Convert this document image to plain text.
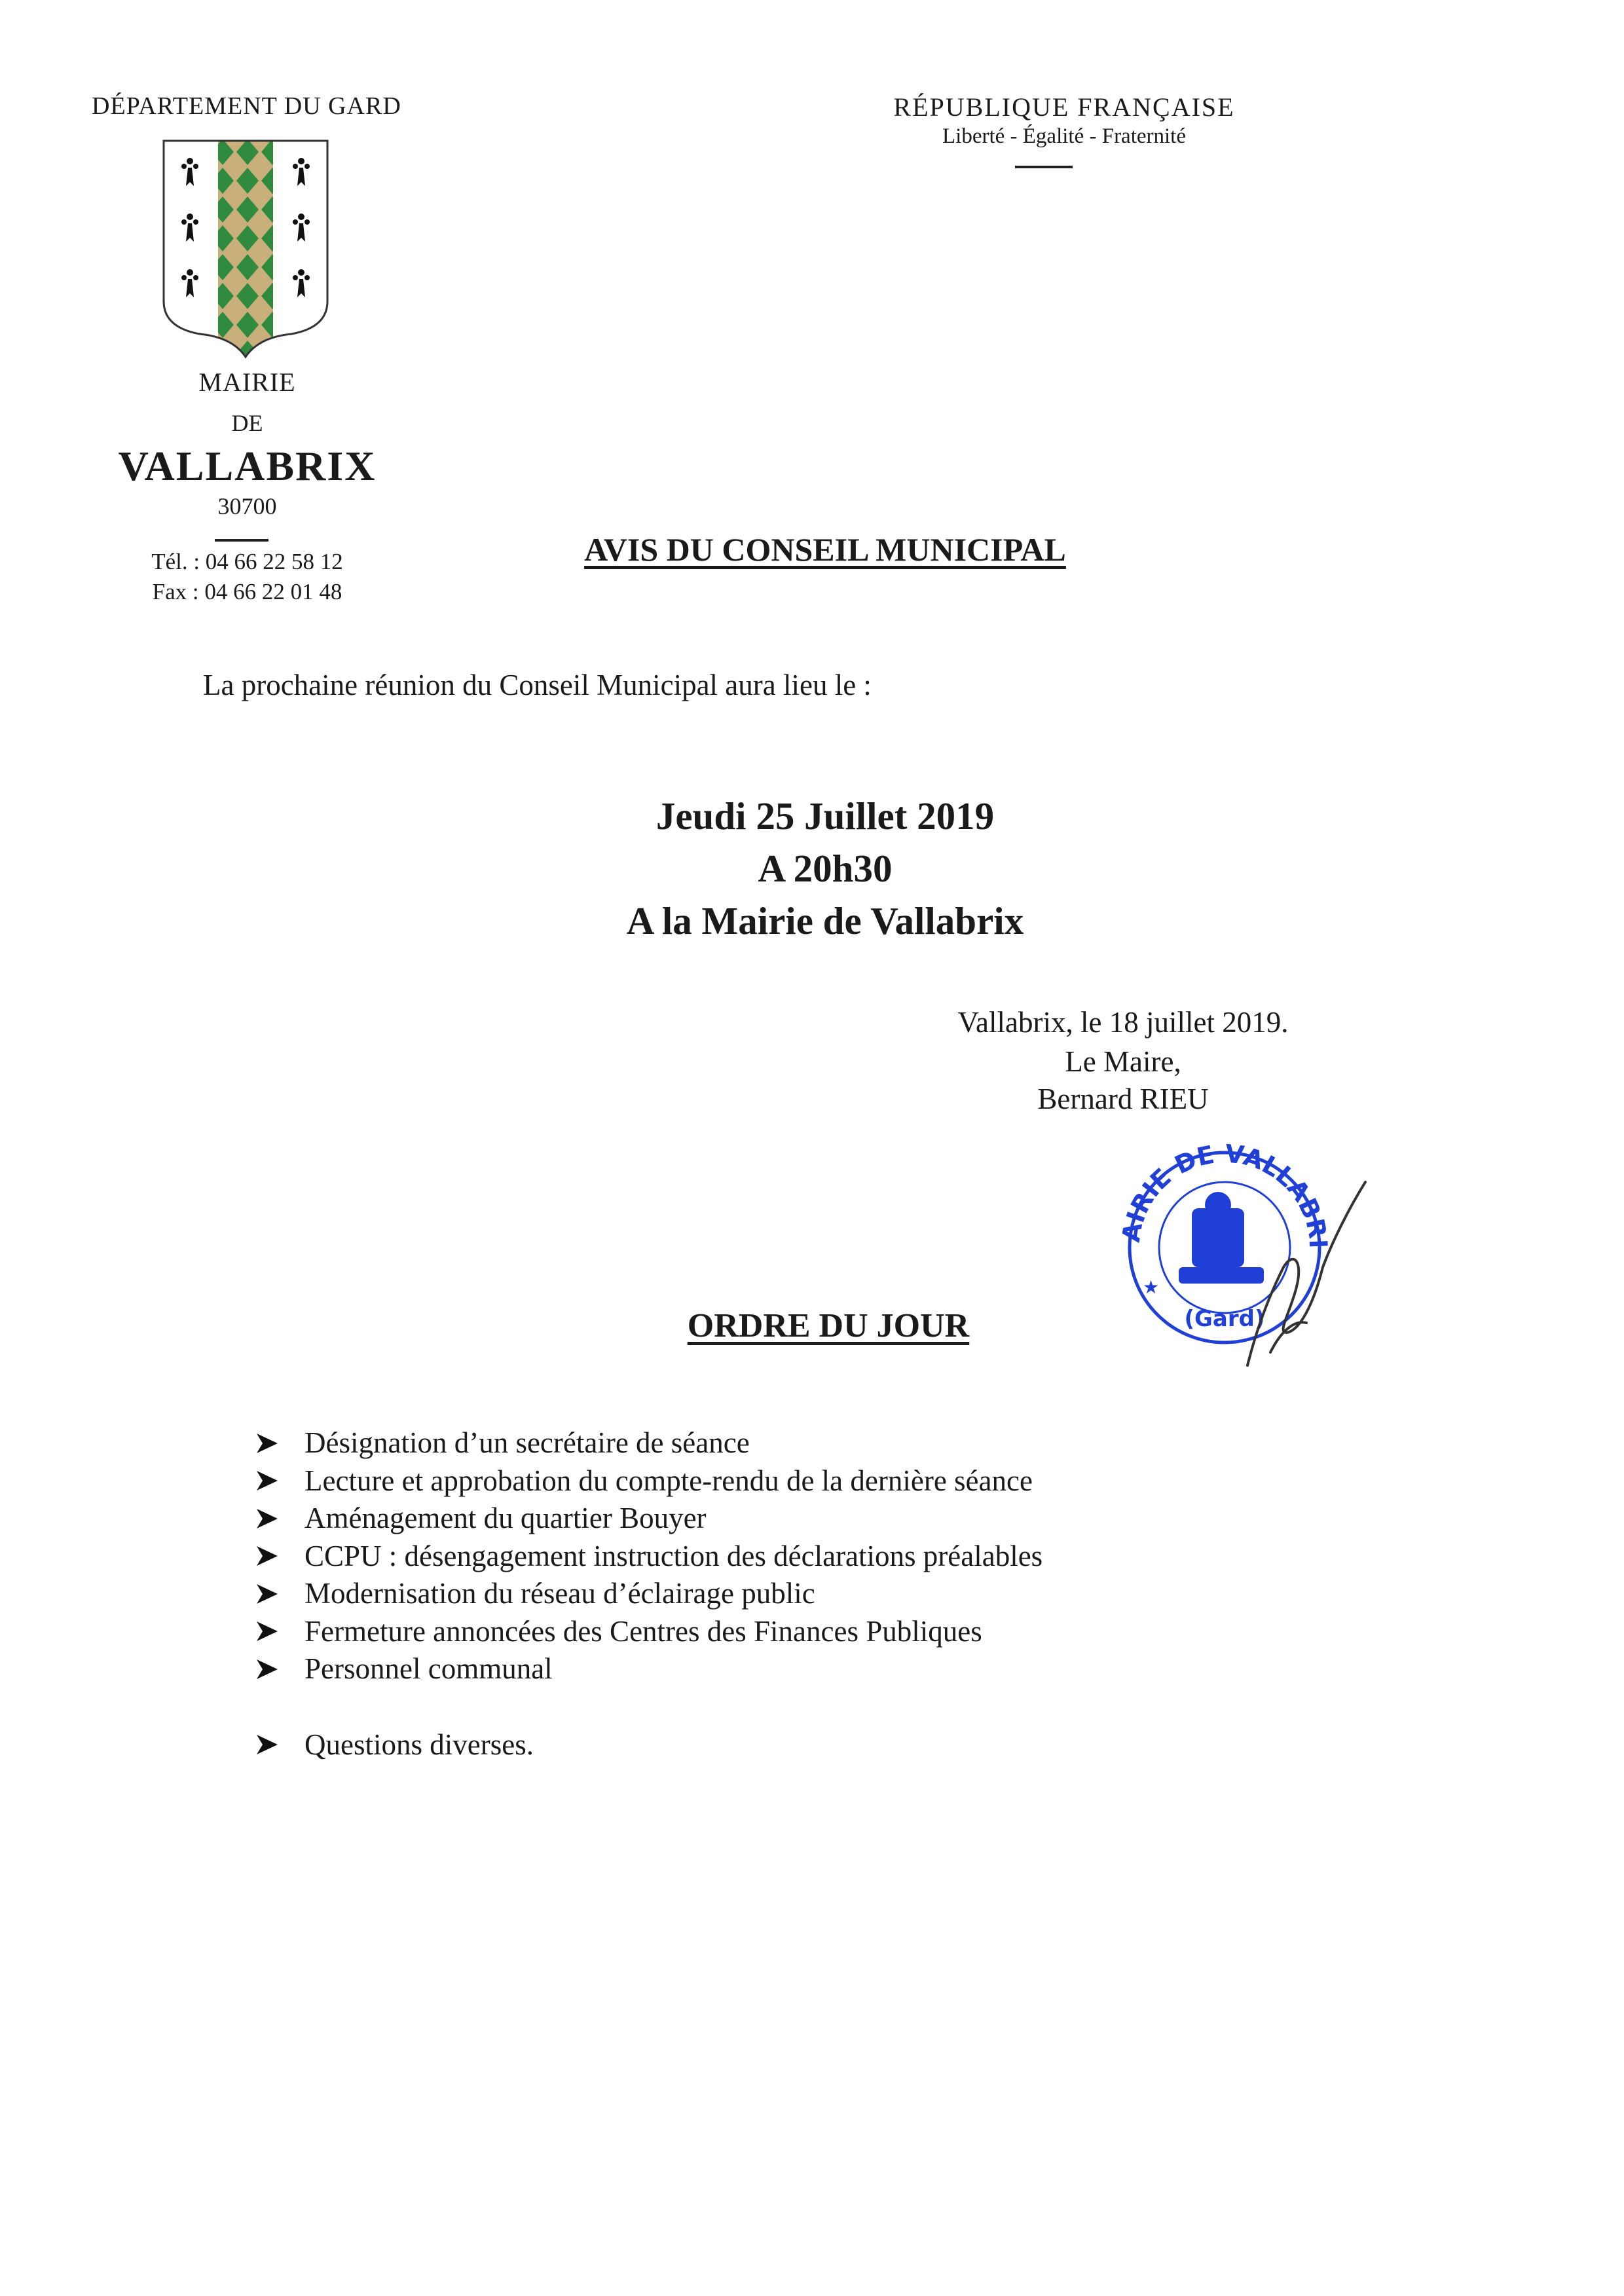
DÉPARTEMENT DU GARD	RÉPUBLIQUE FRANÇAISE
Liberté - Égalité - Fraternité
MAIRIE
DE
VALLABRIX
30700
Tél. : 04 66 22 58 12
Fax : 04 66 22 01 48
AVIS DU CONSEIL MUNICIPAL
La prochaine réunion du Conseil Municipal aura lieu le :
Jeudi 25 Juillet 2019
A 20h30
A la Mairie de Vallabrix
Vallabrix, le 18 juillet 2019.
Le Maire,
Bernard RIEU
AIRIE DE VALLABRI
(Gard)
★
ORDRE DU JOUR
Désignation d’un secrétaire de séance
Lecture et approbation du compte-rendu de la dernière séance
Aménagement du quartier Bouyer
CCPU : désengagement instruction des déclarations préalables
Modernisation du réseau d’éclairage public
Fermeture annoncées des Centres des Finances Publiques
Personnel communal
Questions diverses.
